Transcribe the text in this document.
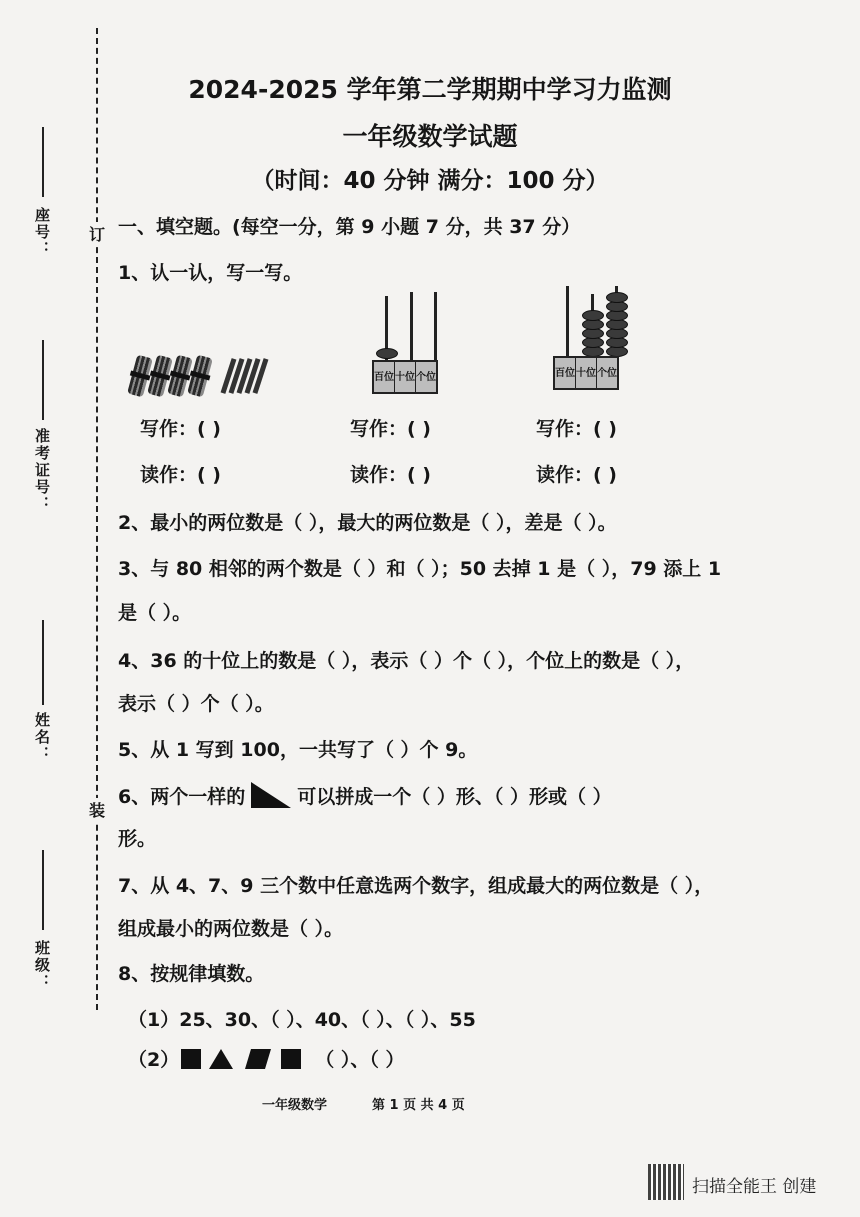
座号：
准考证号：
姓名：
班级：
订
装
2024-2025 学年第二学期期中学习力监测
一年级数学试题
（时间：40 分钟 满分：100 分）
一、填空题。(每空一分，第 9 小题 7 分，共 37 分）
1、认一认，写一写。
百位 十位 个位	百位 十位 个位
写作：( )	写作：( )	写作：( )
读作：( )	读作：( )	读作：( )
2、最小的两位数是（ ），最大的两位数是（ ），差是（ ）。
3、与 80 相邻的两个数是（ ）和（ ）；50 去掉 1 是（ ），79 添上 1
是（ ）。
4、36 的十位上的数是（ ），表示（ ）个（ ），个位上的数是（ ），
表示（ ）个（ ）。
5、从 1 写到 100，一共写了（ ）个 9。
6、两个一样的	可以拼成一个（ ）形、（ ）形或（ ）
形。
7、从 4、7、9 三个数中任意选两个数字，组成最大的两位数是（ ），
组成最小的两位数是（ ）。
8、按规律填数。
（1）25、30、（ ）、40、（ ）、（ ）、55
（2）	（ ）、（ ）
一年级数学	第 1 页 共 4 页
扫描全能王 创建
